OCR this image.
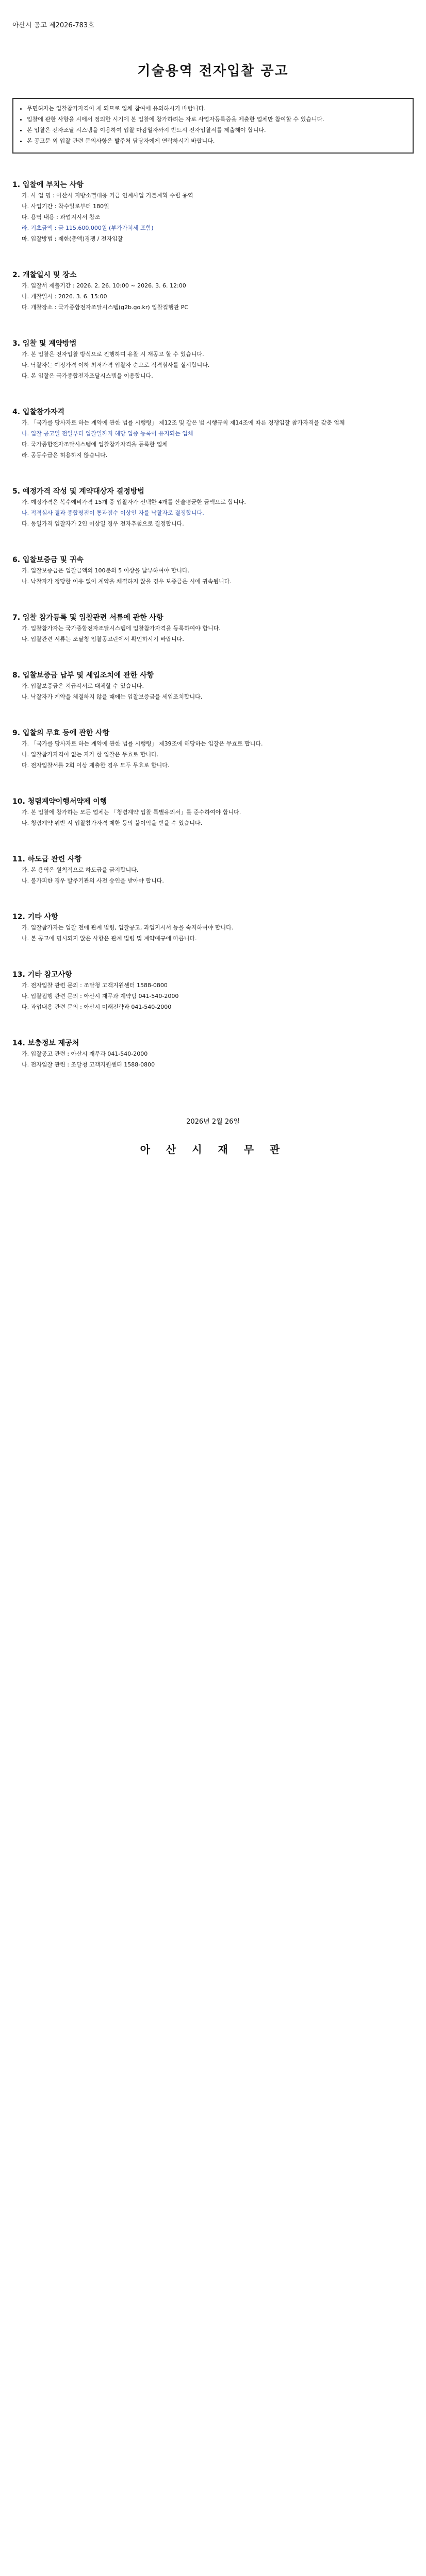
아산시 공고 제2026-783호
기술용역 전자입찰 공고
• 무면허자는 입찰참가자격이 제 되므로 업체 참여에 유의하시기 바랍니다.
• 입찰에 관한 사항을 시에서 정의한 시기에 본 입찰에 참가하려는 자로 사업자등록증을 제출한 업체만 참여할 수 있습니다.
• 본 입찰은 전자조달 시스템을 이용하여 입찰 마감일자까지 반드시 전자입찰서를 제출해야 합니다.
• 본 공고문 외 입찰 관련 문의사항은 발주처 담당자에게 연락하시기 바랍니다.
1. 입찰에 부치는 사항
가. 사 업 명 : 아산시 지방소멸대응 기금 연계사업 기본계획 수립 용역
나. 사업기간 : 착수일로부터 180일
다. 용역 내용 : 과업지시서 참조
라. 기초금액 : 금 115,600,000원 (부가가치세 포함)
마. 입찰방법 : 제한(총액)경쟁 / 전자입찰
2. 개찰일시 및 장소
가. 입찰서 제출기간 : 2026. 2. 26. 10:00 ~ 2026. 3. 6. 12:00
나. 개찰일시 : 2026. 3. 6. 15:00
다. 개찰장소 : 국가종합전자조달시스템(g2b.go.kr) 입찰집행관 PC
3. 입찰 및 계약방법
가. 본 입찰은 전자입찰 방식으로 진행하며 유찰 시 재공고 할 수 있습니다.
나. 낙찰자는 예정가격 이하 최저가격 입찰자 순으로 적격심사를 실시합니다.
다. 본 입찰은 국가종합전자조달시스템을 이용합니다.
4. 입찰참가자격
가. 「국가를 당사자로 하는 계약에 관한 법률 시행령」 제12조 및 같은 법 시행규칙 제14조에 따른 경쟁입찰 참가자격을 갖춘 업체
나. 입찰 공고일 전일부터 입찰일까지 해당 업종 등록이 유지되는 업체
다. 국가종합전자조달시스템에 입찰참가자격을 등록한 업체
라. 공동수급은 허용하지 않습니다.
5. 예정가격 작성 및 계약대상자 결정방법
가. 예정가격은 복수예비가격 15개 중 입찰자가 선택한 4개를 산술평균한 금액으로 합니다.
나. 적격심사 결과 종합평점이 통과점수 이상인 자를 낙찰자로 결정합니다.
다. 동일가격 입찰자가 2인 이상일 경우 전자추첨으로 결정합니다.
6. 입찰보증금 및 귀속
가. 입찰보증금은 입찰금액의 100분의 5 이상을 납부하여야 합니다.
나. 낙찰자가 정당한 이유 없이 계약을 체결하지 않을 경우 보증금은 시에 귀속됩니다.
7. 입찰 참가등록 및 입찰관련 서류에 관한 사항
가. 입찰참가자는 국가종합전자조달시스템에 입찰참가자격을 등록하여야 합니다.
나. 입찰관련 서류는 조달청 입찰공고란에서 확인하시기 바랍니다.
8. 입찰보증금 납부 및 세입조치에 관한 사항
가. 입찰보증금은 지급각서로 대체할 수 있습니다.
나. 낙찰자가 계약을 체결하지 않을 때에는 입찰보증금을 세입조치합니다.
9. 입찰의 무효 등에 관한 사항
가. 「국가를 당사자로 하는 계약에 관한 법률 시행령」 제39조에 해당하는 입찰은 무효로 합니다.
나. 입찰참가자격이 없는 자가 한 입찰은 무효로 합니다.
다. 전자입찰서를 2회 이상 제출한 경우 모두 무효로 합니다.
10. 청렴계약이행서약제 이행
가. 본 입찰에 참가하는 모든 업체는 「청렴계약 입찰 특별유의서」를 준수하여야 합니다.
나. 청렴계약 위반 시 입찰참가자격 제한 등의 불이익을 받을 수 있습니다.
11. 하도급 관련 사항
가. 본 용역은 원칙적으로 하도급을 금지합니다.
나. 불가피한 경우 발주기관의 사전 승인을 받아야 합니다.
12. 기타 사항
가. 입찰참가자는 입찰 전에 관계 법령, 입찰공고, 과업지시서 등을 숙지하여야 합니다.
나. 본 공고에 명시되지 않은 사항은 관계 법령 및 계약예규에 따릅니다.
13. 기타 참고사항
가. 전자입찰 관련 문의 : 조달청 고객지원센터 1588-0800
나. 입찰집행 관련 문의 : 아산시 재무과 계약팀 041-540-2000
다. 과업내용 관련 문의 : 아산시 미래전략과 041-540-2000
14. 보충정보 제공처
가. 입찰공고 관련 : 아산시 재무과 041-540-2000
나. 전자입찰 관련 : 조달청 고객지원센터 1588-0800
2026년 2월 26일
아 산 시 재 무 관
